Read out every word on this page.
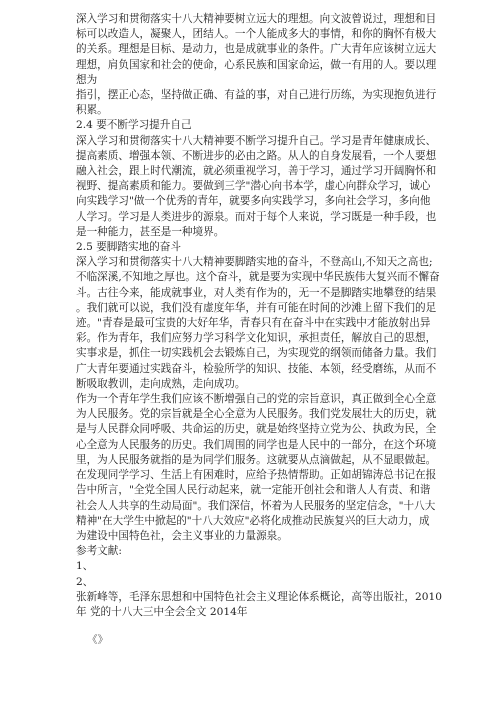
深入学习和贯彻落实十八大精神要树立远大的理想。向文波曾说过，理想和目
标可以改造人，凝聚人，团结人。一个人能成多大的事情，和你的胸怀有极大
的关系。理想是目标、是动力，也是成就事业的条件。广大青年应该树立远大
理想，肩负国家和社会的使命，心系民族和国家命运，做一有用的人。要以理
想为
指引，摆正心态，坚持做正确、有益的事，对自己进行历练，为实现抱负进行
积累。
2.4 要不断学习提升自己
深入学习和贯彻落实十八大精神要不断学习提升自己。学习是青年健康成长、
提高素质、增强本领、不断进步的必由之路。从人的自身发展看，一个人要想
融入社会，跟上时代潮流，就必须重视学习，善于学习，通过学习开阔胸怀和
视野、提高素质和能力。要做到三学"潜心向书本学，虚心向群众学习，诚心
向实践学习"做一个优秀的青年，就要多向实践学习，多向社会学习，多向他
人学习。学习是人类进步的源泉。而对于每个人来说，学习既是一种手段，也
是一种能力，甚至是一种境界。
2.5 要脚踏实地的奋斗
深入学习和贯彻落实十八大精神要脚踏实地的奋斗，不登高山,不知天之高也;
不临深溪,不知地之厚也。这个奋斗，就是要为实现中华民族伟大复兴而不懈奋
斗。古往今来，能成就事业，对人类有作为的，无一不是脚踏实地攀登的结果
。我们就可以说，我们没有虚度年华，并有可能在时间的沙滩上留下我们的足
迹。"青春是最可宝贵的大好年华，青春只有在奋斗中在实践中才能放射出异
彩。作为青年，我们应努力学习科学文化知识，承担责任，解放自己的思想，
实事求是，抓住一切实践机会去锻炼自己，为实现党的纲领而储备力量。我们
广大青年要通过实践奋斗，检验所学的知识、技能、本领，经受磨练，从而不
断吸取教训，走向成熟，走向成功。
作为一个青年学生我们应该不断增强自己的党的宗旨意识，真正做到全心全意
为人民服务。党的宗旨就是全心全意为人民服务。我们党发展壮大的历史，就
是与人民群众同呼吸、共命运的历史，就是始终坚持立党为公、执政为民，全
心全意为人民服务的历史。我们周围的同学也是人民中的一部分，在这个环境
里，为人民服务就指的是为同学们服务。这就要从点滴做起，从不显眼做起。
在发现同学学习、生活上有困难时，应给予热情帮助。正如胡锦涛总书记在报
告中所言，"全党全国人民行动起来，就一定能开创社会和谐人人有责、和谐
社会人人共享的生动局面"。我们深信，怀着为人民服务的坚定信念，"十八大
精神"在大学生中掀起的"十八大效应"必将化成推动民族复兴的巨大动力，成
为建设中国特色社，会主义事业的力量源泉。
参考文献:
1、
2、
张新峰等，毛泽东思想和中国特色社会主义理论体系概论，高等出版社，2010
年 党的十八大三中全会全文 2014年
《》
